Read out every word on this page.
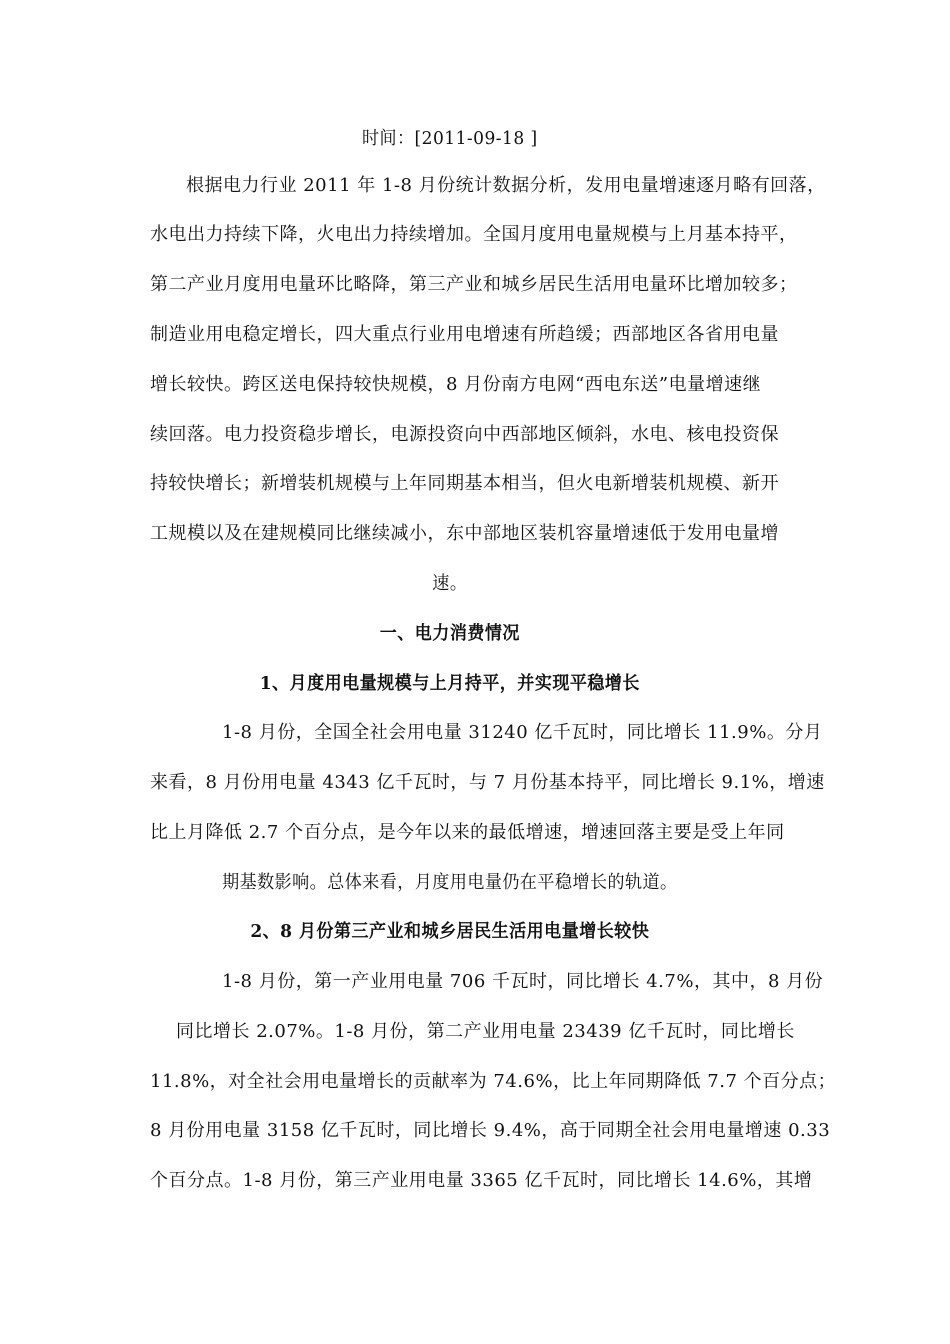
时间：[2011-09-18 ]
根据电力行业 2011 年 1-8 月份统计数据分析，发用电量增速逐月略有回落，
水电出力持续下降，火电出力持续增加。全国月度用电量规模与上月基本持平，
第二产业月度用电量环比略降，第三产业和城乡居民生活用电量环比增加较多；
制造业用电稳定增长，四大重点行业用电增速有所趋缓；西部地区各省用电量
增长较快。跨区送电保持较快规模，8 月份南方电网“西电东送”电量增速继
续回落。电力投资稳步增长，电源投资向中西部地区倾斜，水电、核电投资保
持较快增长；新增装机规模与上年同期基本相当，但火电新增装机规模、新开
工规模以及在建规模同比继续减小，东中部地区装机容量增速低于发用电量增
速。
一、电力消费情况
1、月度用电量规模与上月持平，并实现平稳增长
1-8 月份，全国全社会用电量 31240 亿千瓦时，同比增长 11.9%。分月
来看，8 月份用电量 4343 亿千瓦时，与 7 月份基本持平，同比增长 9.1%，增速
比上月降低 2.7 个百分点，是今年以来的最低增速，增速回落主要是受上年同
期基数影响。总体来看，月度用电量仍在平稳增长的轨道。
2、8 月份第三产业和城乡居民生活用电量增长较快
1-8 月份，第一产业用电量 706 千瓦时，同比增长 4.7%，其中，8 月份
同比增长 2.07%。1-8 月份，第二产业用电量 23439 亿千瓦时，同比增长
11.8%，对全社会用电量增长的贡献率为 74.6%，比上年同期降低 7.7 个百分点；
8 月份用电量 3158 亿千瓦时，同比增长 9.4%，高于同期全社会用电量增速 0.33
个百分点。1-8 月份，第三产业用电量 3365 亿千瓦时，同比增长 14.6%，其增
